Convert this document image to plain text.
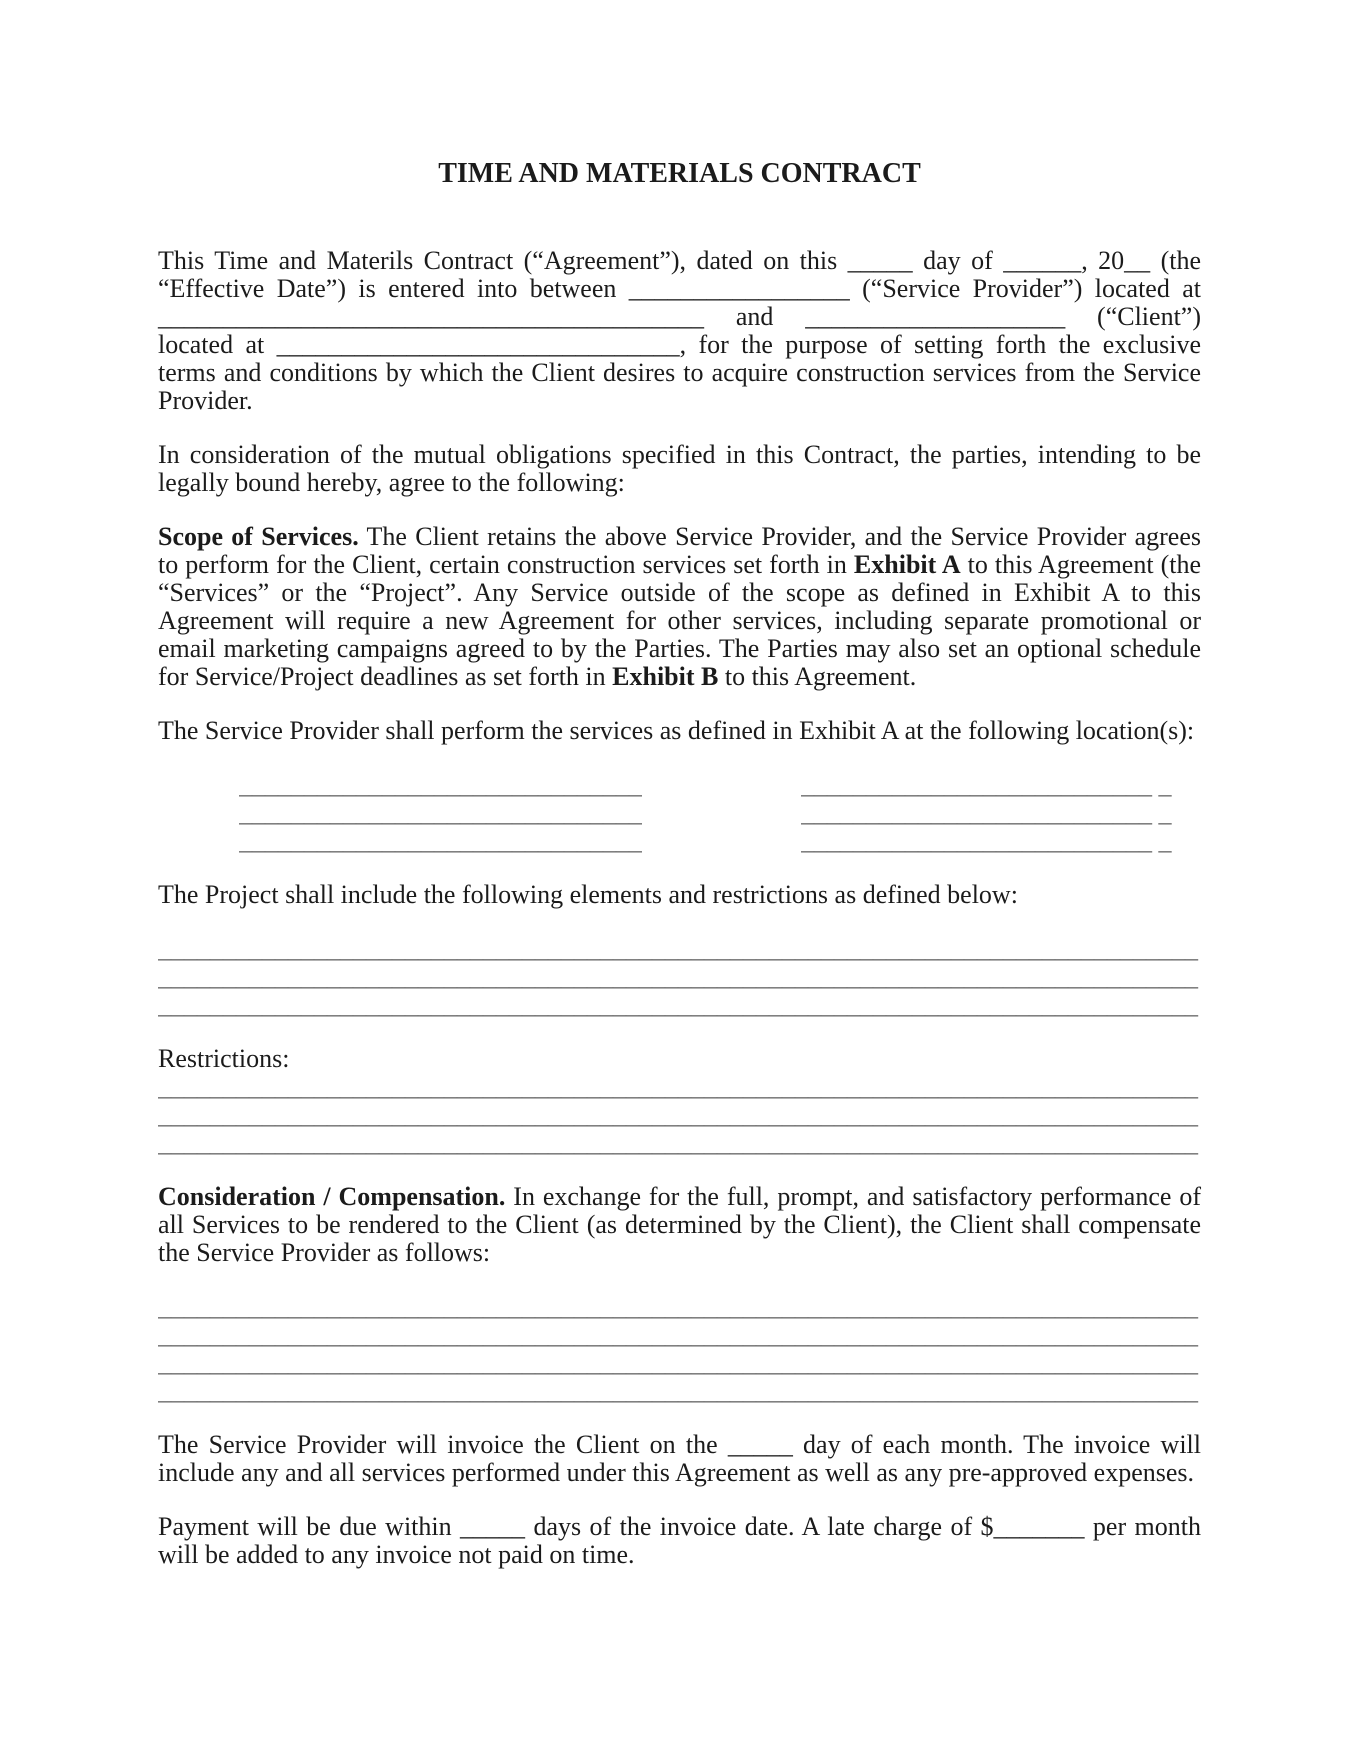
TIME AND MATERIALS CONTRACT

This Time and Materils Contract (“Agreement”), dated on this _____ day of ______, 20__ (the “Effective Date”) is entered into between _________________ (“Service Provider”) located at __________________________________________ and ____________________ (“Client”) located at _______________________________, for the purpose of setting forth the exclusive terms and conditions by which the Client desires to acquire construction services from the Service Provider.

In consideration of the mutual obligations specified in this Contract, the parties, intending to be legally bound hereby, agree to the following:

Scope of Services. The Client retains the above Service Provider, and the Service Provider agrees to perform for the Client, certain construction services set forth in Exhibit A to this Agreement (the “Services” or the “Project”. Any Service outside of the scope as defined in Exhibit A to this Agreement will require a new Agreement for other services, including separate promotional or email marketing campaigns agreed to by the Parties. The Parties may also set an optional schedule for Service/Project deadlines as set forth in Exhibit B to this Agreement.

The Service Provider shall perform the services as defined in Exhibit A at the following location(s):

_______________________________
_______________________________
_______________________________
___________________________ _
___________________________ _
___________________________ _

The Project shall include the following elements and restrictions as defined below:

________________________________________________________________________________
________________________________________________________________________________
________________________________________________________________________________

Restrictions:

________________________________________________________________________________
________________________________________________________________________________
________________________________________________________________________________

Consideration / Compensation. In exchange for the full, prompt, and satisfactory performance of all Services to be rendered to the Client (as determined by the Client), the Client shall compensate the Service Provider as follows:

________________________________________________________________________________
________________________________________________________________________________
________________________________________________________________________________
________________________________________________________________________________

The Service Provider will invoice the Client on the _____ day of each month. The invoice will include any and all services performed under this Agreement as well as any pre-approved expenses.

Payment will be due within _____ days of the invoice date. A late charge of $_______ per month will be added to any invoice not paid on time.
